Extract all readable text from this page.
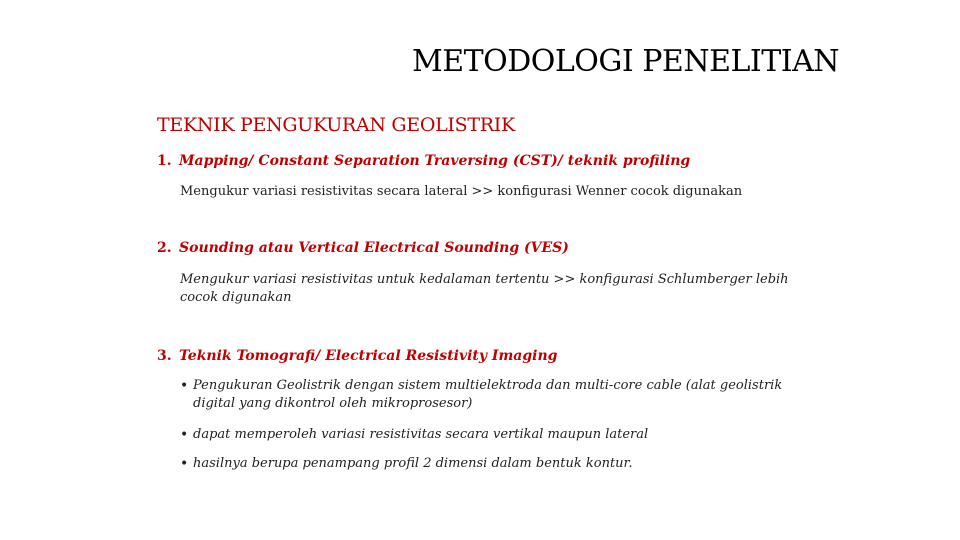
METODOLOGI PENELITIAN
TEKNIK PENGUKURAN GEOLISTRIK
1. Mapping/ Constant Separation Traversing (CST)/ teknik profiling
Mengukur variasi resistivitas secara lateral >> konfigurasi Wenner cocok digunakan
2. Sounding atau Vertical Electrical Sounding (VES)
Mengukur variasi resistivitas untuk kedalaman tertentu >> konfigurasi Schlumberger lebih cocok digunakan
3. Teknik Tomografi/ Electrical Resistivity Imaging
• Pengukuran Geolistrik dengan sistem multielektroda dan multi-core cable (alat geolistrik digital yang dikontrol oleh mikroprosesor)
• dapat memperoleh variasi resistivitas secara vertikal maupun lateral
• hasilnya berupa penampang profil 2 dimensi dalam bentuk kontur.
